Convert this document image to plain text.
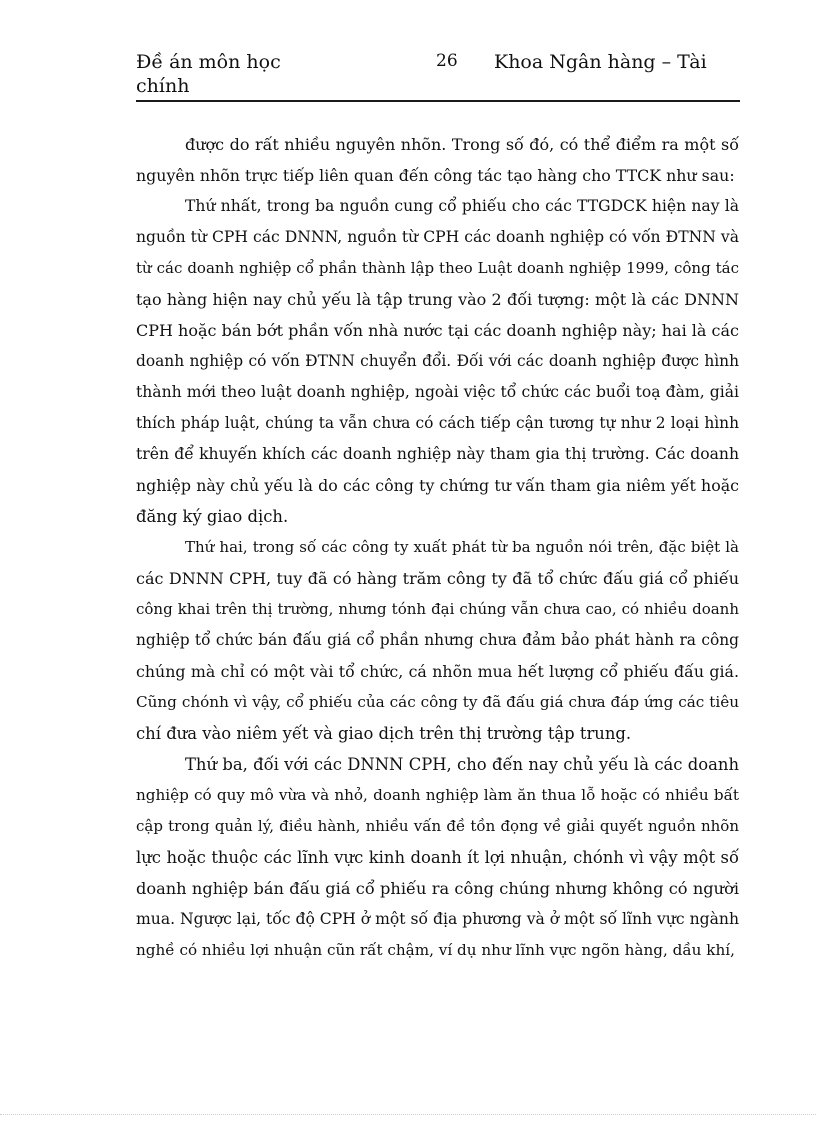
Đề án môn học chính
26 Khoa Ngân hàng – Tài
được do rất nhiều nguyên nhõn. Trong số đó, có thể điểm ra một số
nguyên nhõn trực tiếp liên quan đến công tác tạo hàng cho TTCK như sau:
Thứ nhất, trong ba nguồn cung cổ phiếu cho các TTGDCK hiện nay là
nguồn từ CPH các DNNN, nguồn từ CPH các doanh nghiệp có vốn ĐTNN và
từ các doanh nghiệp cổ phần thành lập theo Luật doanh nghiệp 1999, công tác
tạo hàng hiện nay chủ yếu là tập trung vào 2 đối tượng: một là các DNNN
CPH hoặc bán bớt phần vốn nhà nước tại các doanh nghiệp này; hai là các
doanh nghiệp có vốn ĐTNN chuyển đổi. Đối với các doanh nghiệp được hình
thành mới theo luật doanh nghiệp, ngoài việc tổ chức các buổi toạ đàm, giải
thích pháp luật, chúng ta vẫn chưa có cách tiếp cận tương tự như 2 loại hình
trên để khuyến khích các doanh nghiệp này tham gia thị trường. Các doanh
nghiệp này chủ yếu là do các công ty chứng tư vấn tham gia niêm yết hoặc
đăng ký giao dịch.
Thứ hai, trong số các công ty xuất phát từ ba nguồn nói trên, đặc biệt là
các DNNN CPH, tuy đã có hàng trăm công ty đã tổ chức đấu giá cổ phiếu
công khai trên thị trường, nhưng tónh đại chúng vẫn chưa cao, có nhiều doanh
nghiệp tổ chức bán đấu giá cổ phần nhưng chưa đảm bảo phát hành ra công
chúng mà chỉ có một vài tổ chức, cá nhõn mua hết lượng cổ phiếu đấu giá.
Cũng chónh vì vậy, cổ phiếu của các công ty đã đấu giá chưa đáp ứng các tiêu
chí đưa vào niêm yết và giao dịch trên thị trường tập trung.
Thứ ba, đối với các DNNN CPH, cho đến nay chủ yếu là các doanh
nghiệp có quy mô vừa và nhỏ, doanh nghiệp làm ăn thua lỗ hoặc có nhiều bất
cập trong quản lý, điều hành, nhiều vấn đề tồn đọng về giải quyết nguồn nhõn
lực hoặc thuộc các lĩnh vực kinh doanh ít lợi nhuận, chónh vì vậy một số
doanh nghiệp bán đấu giá cổ phiếu ra công chúng nhưng không có người
mua. Ngược lại, tốc độ CPH ở một số địa phương và ở một số lĩnh vực ngành
nghề có nhiều lợi nhuận cũn rất chậm, ví dụ như lĩnh vực ngõn hàng, dầu khí,
